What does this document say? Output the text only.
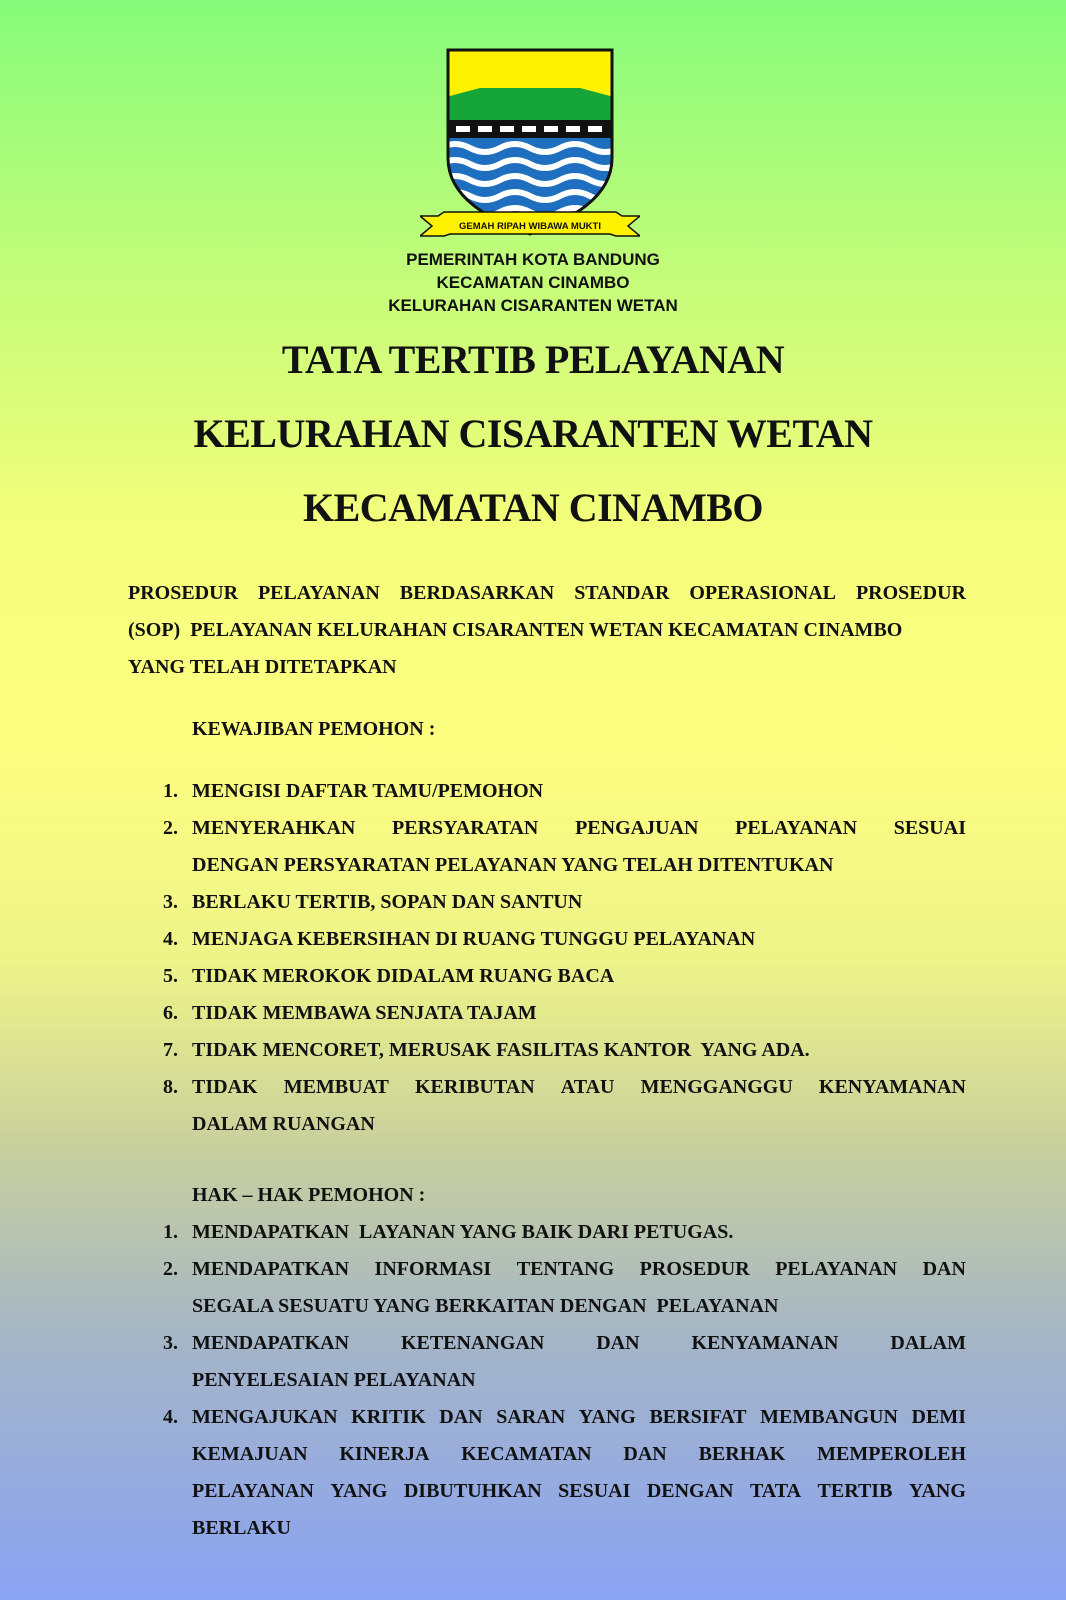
GEMAH RIPAH WIBAWA MUKTI
PEMERINTAH KOTA BANDUNG
KECAMATAN CINAMBO
KELURAHAN CISARANTEN WETAN
TATA TERTIB PELAYANAN
KELURAHAN CISARANTEN WETAN
KECAMATAN CINAMBO
PROSEDUR PELAYANAN BERDASARKAN STANDAR OPERASIONAL PROSEDUR
(SOP)  PELAYANAN KELURAHAN CISARANTEN WETAN KECAMATAN CINAMBO
YANG TELAH DITETAPKAN
KEWAJIBAN PEMOHON :
1. MENGISI DAFTAR TAMU/PEMOHON
2. MENYERAHKAN PERSYARATAN PENGAJUAN PELAYANAN SESUAI
DENGAN PERSYARATAN PELAYANAN YANG TELAH DITENTUKAN
3. BERLAKU TERTIB, SOPAN DAN SANTUN
4. MENJAGA KEBERSIHAN DI RUANG TUNGGU PELAYANAN
5. TIDAK MEROKOK DIDALAM RUANG BACA
6. TIDAK MEMBAWA SENJATA TAJAM
7. TIDAK MENCORET, MERUSAK FASILITAS KANTOR  YANG ADA.
8. TIDAK MEMBUAT KERIBUTAN ATAU MENGGANGGU KENYAMANAN
DALAM RUANGAN
HAK – HAK PEMOHON :
1. MENDAPATKAN  LAYANAN YANG BAIK DARI PETUGAS.
2. MENDAPATKAN INFORMASI TENTANG PROSEDUR PELAYANAN DAN
SEGALA SESUATU YANG BERKAITAN DENGAN  PELAYANAN
3. MENDAPATKAN	KETENANGAN	DAN	KENYAMANAN	DALAM
PENYELESAIAN PELAYANAN
4. MENGAJUKAN KRITIK DAN SARAN YANG BERSIFAT MEMBANGUN DEMI
KEMAJUAN KINERJA KECAMATAN DAN BERHAK MEMPEROLEH
PELAYANAN YANG DIBUTUHKAN SESUAI DENGAN TATA TERTIB YANG
BERLAKU
